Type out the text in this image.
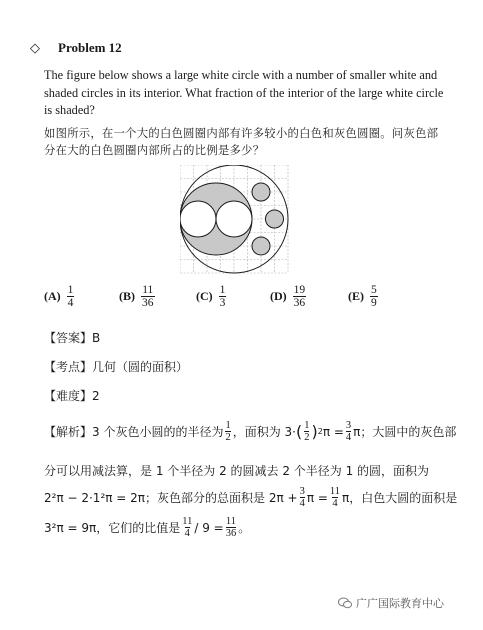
◇ Problem 12
The figure below shows a large white circle with a number of smaller white and shaded circles in its interior. What fraction of the interior of the large white circle is shaded?
如图所示，在一个大的白色圆圈内部有许多较小的白色和灰色圆圈。问灰色部分在大的白色圆圈内部所占的比例是多少？
$(A) \frac{1}{4}$	$(B) \frac{11}{36}$	$(C) \frac{1}{3}$	$(D) \frac{19}{36}$	$(E) \frac{5}{9}$
【答案】B
【考点】几何（圆的面积）
【难度】2
【解析】 3 个灰色小圆的的半径为 1
2 ，面积为 3· ( 1
2 ) 2 $\pi = \frac{3}{4}$ π；大圆中的灰色部
分可以用减法算，是 1 个半径为 2 的圆减去 2 个半径为 1 的圆，面积为
2²π − 2·1²π = 2π；灰色部分的总面积是 $2\pi + \frac{3}{4}$ $\pi = \frac{11}{4}$ π，白色大圆的面积是
3²π = 9π，它们的比值是 11
$4 / 9 = \frac{11}{36}$ 。
广广国际教育中心
